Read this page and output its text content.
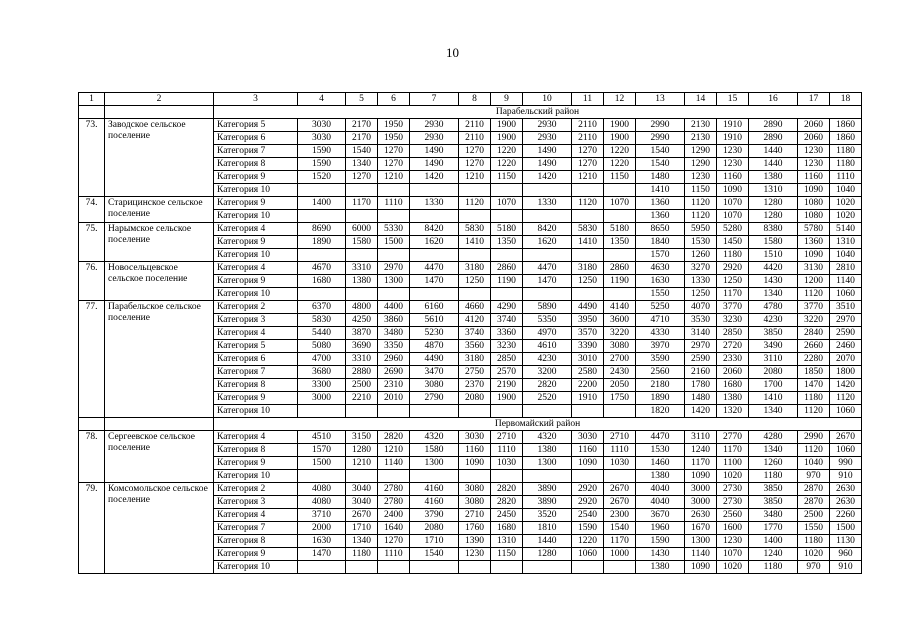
10
1	2	3	4	5	6	7	8	9	10	11	12	13	14	15	16	17	18
		Парабельский район															
73.	Заводское сельское поселение	Категория 5	3030	2170	1950	2930	2110	1900	2930	2110	1900	2990	2130	1910	2890	2060	1860
		Категория 6	3030	2170	1950	2930	2110	1900	2930	2110	1900	2990	2130	1910	2890	2060	1860
		Категория 7	1590	1540	1270	1490	1270	1220	1490	1270	1220	1540	1290	1230	1440	1230	1180
		Категория 8	1590	1340	1270	1490	1270	1220	1490	1270	1220	1540	1290	1230	1440	1230	1180
		Категория 9	1520	1270	1210	1420	1210	1150	1420	1210	1150	1480	1230	1160	1380	1160	1110
		Категория 10										1410	1150	1090	1310	1090	1040
74.	Старицинское сельское поселение	Категория 9	1400	1170	1110	1330	1120	1070	1330	1120	1070	1360	1120	1070	1280	1080	1020
		Категория 10										1360	1120	1070	1280	1080	1020
75.	Нарымское сельское поселение	Категория 4	8690	6000	5330	8420	5830	5180	8420	5830	5180	8650	5950	5280	8380	5780	5140
		Категория 9	1890	1580	1500	1620	1410	1350	1620	1410	1350	1840	1530	1450	1580	1360	1310
		Категория 10										1570	1260	1180	1510	1090	1040
76.	Новосельцевское сельское поселение	Категория 4	4670	3310	2970	4470	3180	2860	4470	3180	2860	4630	3270	2920	4420	3130	2810
		Категория 9	1680	1380	1300	1470	1250	1190	1470	1250	1190	1630	1330	1250	1430	1200	1140
		Категория 10										1550	1250	1170	1340	1120	1060
77.	Парабельское сельское поселение	Категория 2	6370	4800	4400	6160	4660	4290	5890	4490	4140	5250	4070	3770	4780	3770	3510
		Категория 3	5830	4250	3860	5610	4120	3740	5350	3950	3600	4710	3530	3230	4230	3220	2970
		Категория 4	5440	3870	3480	5230	3740	3360	4970	3570	3220	4330	3140	2850	3850	2840	2590
		Категория 5	5080	3690	3350	4870	3560	3230	4610	3390	3080	3970	2970	2720	3490	2660	2460
		Категория 6	4700	3310	2960	4490	3180	2850	4230	3010	2700	3590	2590	2330	3110	2280	2070
		Категория 7	3680	2880	2690	3470	2750	2570	3200	2580	2430	2560	2160	2060	2080	1850	1800
		Категория 8	3300	2500	2310	3080	2370	2190	2820	2200	2050	2180	1780	1680	1700	1470	1420
		Категория 9	3000	2210	2010	2790	2080	1900	2520	1910	1750	1890	1480	1380	1410	1180	1120
		Категория 10										1820	1420	1320	1340	1120	1060
		Первомайский район															
78.	Сергеевское сельское поселение	Категория 4	4510	3150	2820	4320	3030	2710	4320	3030	2710	4470	3110	2770	4280	2990	2670
		Категория 8	1570	1280	1210	1580	1160	1110	1380	1160	1110	1530	1240	1170	1340	1120	1060
		Категория 9	1500	1210	1140	1300	1090	1030	1300	1090	1030	1460	1170	1100	1260	1040	990
		Категория 10										1380	1090	1020	1180	970	910
79.	Комсомольское сельское поселение	Категория 2	4080	3040	2780	4160	3080	2820	3890	2920	2670	4040	3000	2730	3850	2870	2630
		Категория 3	4080	3040	2780	4160	3080	2820	3890	2920	2670	4040	3000	2730	3850	2870	2630
		Категория 4	3710	2670	2400	3790	2710	2450	3520	2540	2300	3670	2630	2560	3480	2500	2260
		Категория 7	2000	1710	1640	2080	1760	1680	1810	1590	1540	1960	1670	1600	1770	1550	1500
		Категория 8	1630	1340	1270	1710	1390	1310	1440	1220	1170	1590	1300	1230	1400	1180	1130
		Категория 9	1470	1180	1110	1540	1230	1150	1280	1060	1000	1430	1140	1070	1240	1020	960
		Категория 10										1380	1090	1020	1180	970	910
